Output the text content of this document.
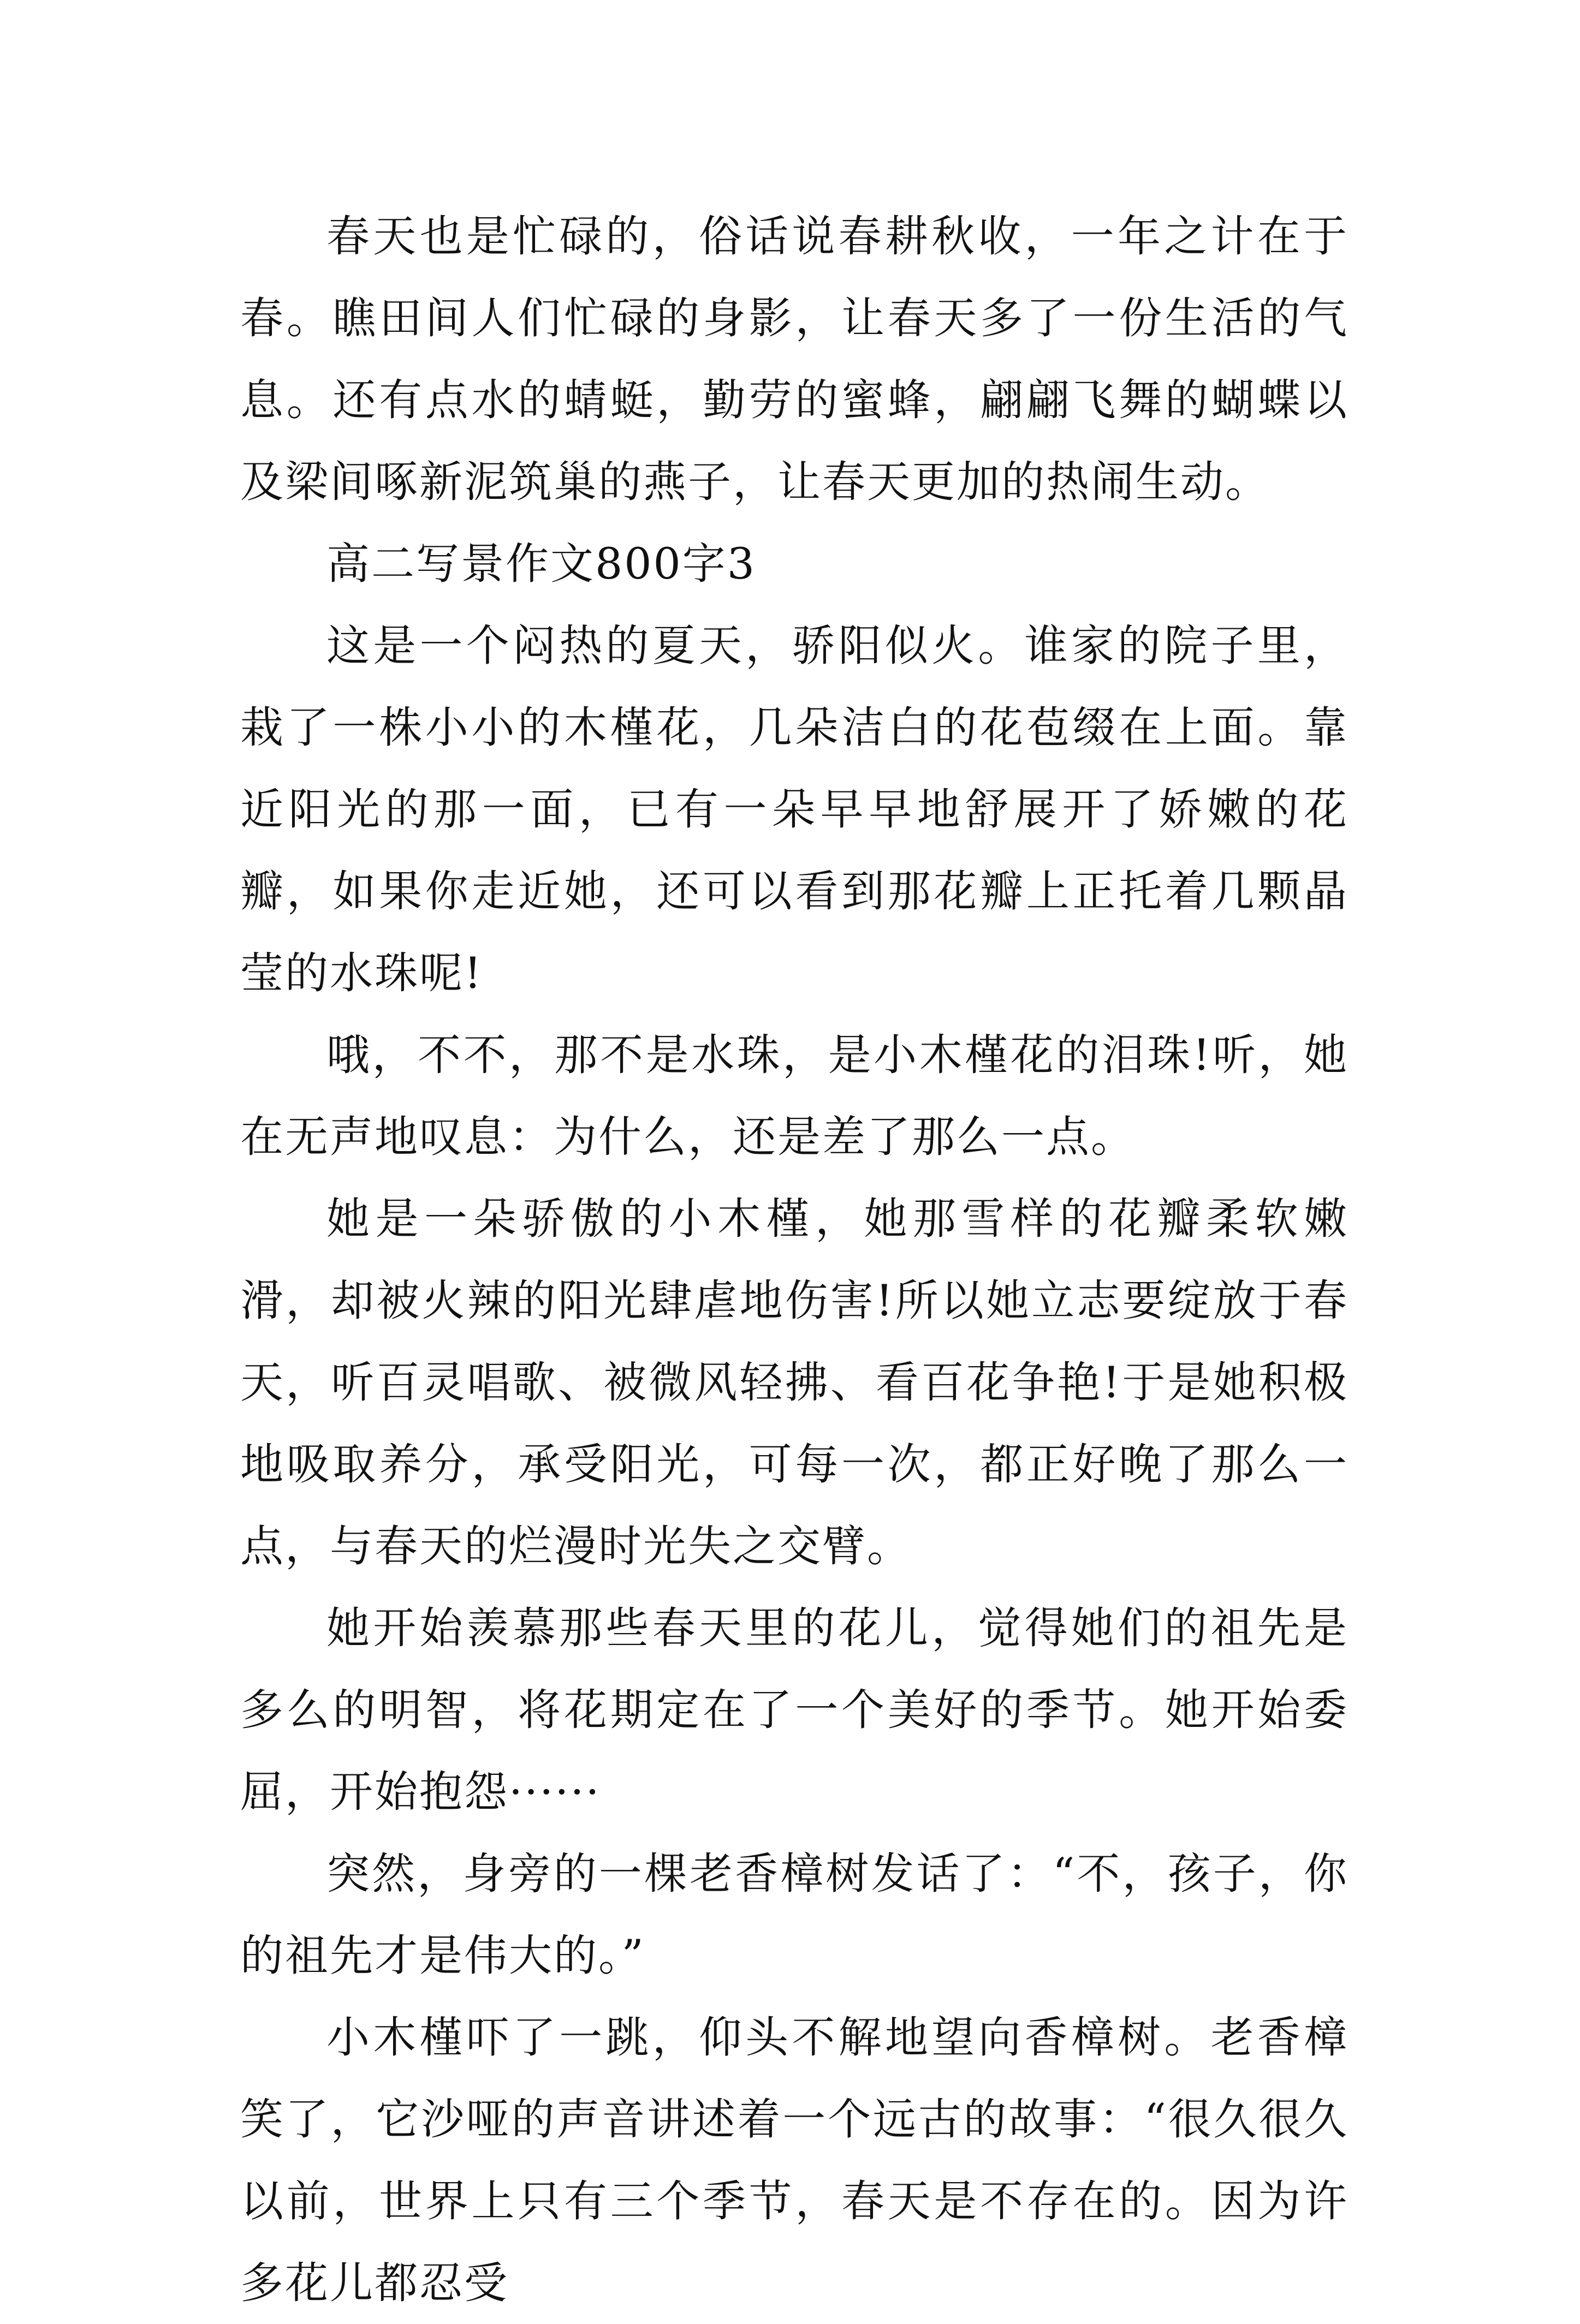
春天也是忙碌的，俗话说春耕秋收，一年之计在于春。瞧田间人们忙碌的身影，让春天多了一份生活的气息。还有点水的蜻蜓，勤劳的蜜蜂，翩翩飞舞的蝴蝶以及梁间啄新泥筑巢的燕子，让春天更加的热闹生动。

高二写景作文800字3

这是一个闷热的夏天，骄阳似火。谁家的院子里，栽了一株小小的木槿花，几朵洁白的花苞缀在上面。靠近阳光的那一面，已有一朵早早地舒展开了娇嫩的花瓣，如果你走近她，还可以看到那花瓣上正托着几颗晶莹的水珠呢!

哦，不不，那不是水珠，是小木槿花的泪珠!听，她在无声地叹息：为什么，还是差了那么一点。

她是一朵骄傲的小木槿，她那雪样的花瓣柔软嫩滑，却被火辣的阳光肆虐地伤害!所以她立志要绽放于春天，听百灵唱歌、被微风轻拂、看百花争艳!于是她积极地吸取养分，承受阳光，可每一次，都正好晚了那么一点，与春天的烂漫时光失之交臂。

她开始羡慕那些春天里的花儿，觉得她们的祖先是多么的明智，将花期定在了一个美好的季节。她开始委屈，开始抱怨······

突然，身旁的一棵老香樟树发话了：“不，孩子，你的祖先才是伟大的。”

小木槿吓了一跳，仰头不解地望向香樟树。老香樟笑了，它沙哑的声音讲述着一个远古的故事：“很久很久以前，世界上只有三个季节，春天是不存在的。因为许多花儿都忍受
